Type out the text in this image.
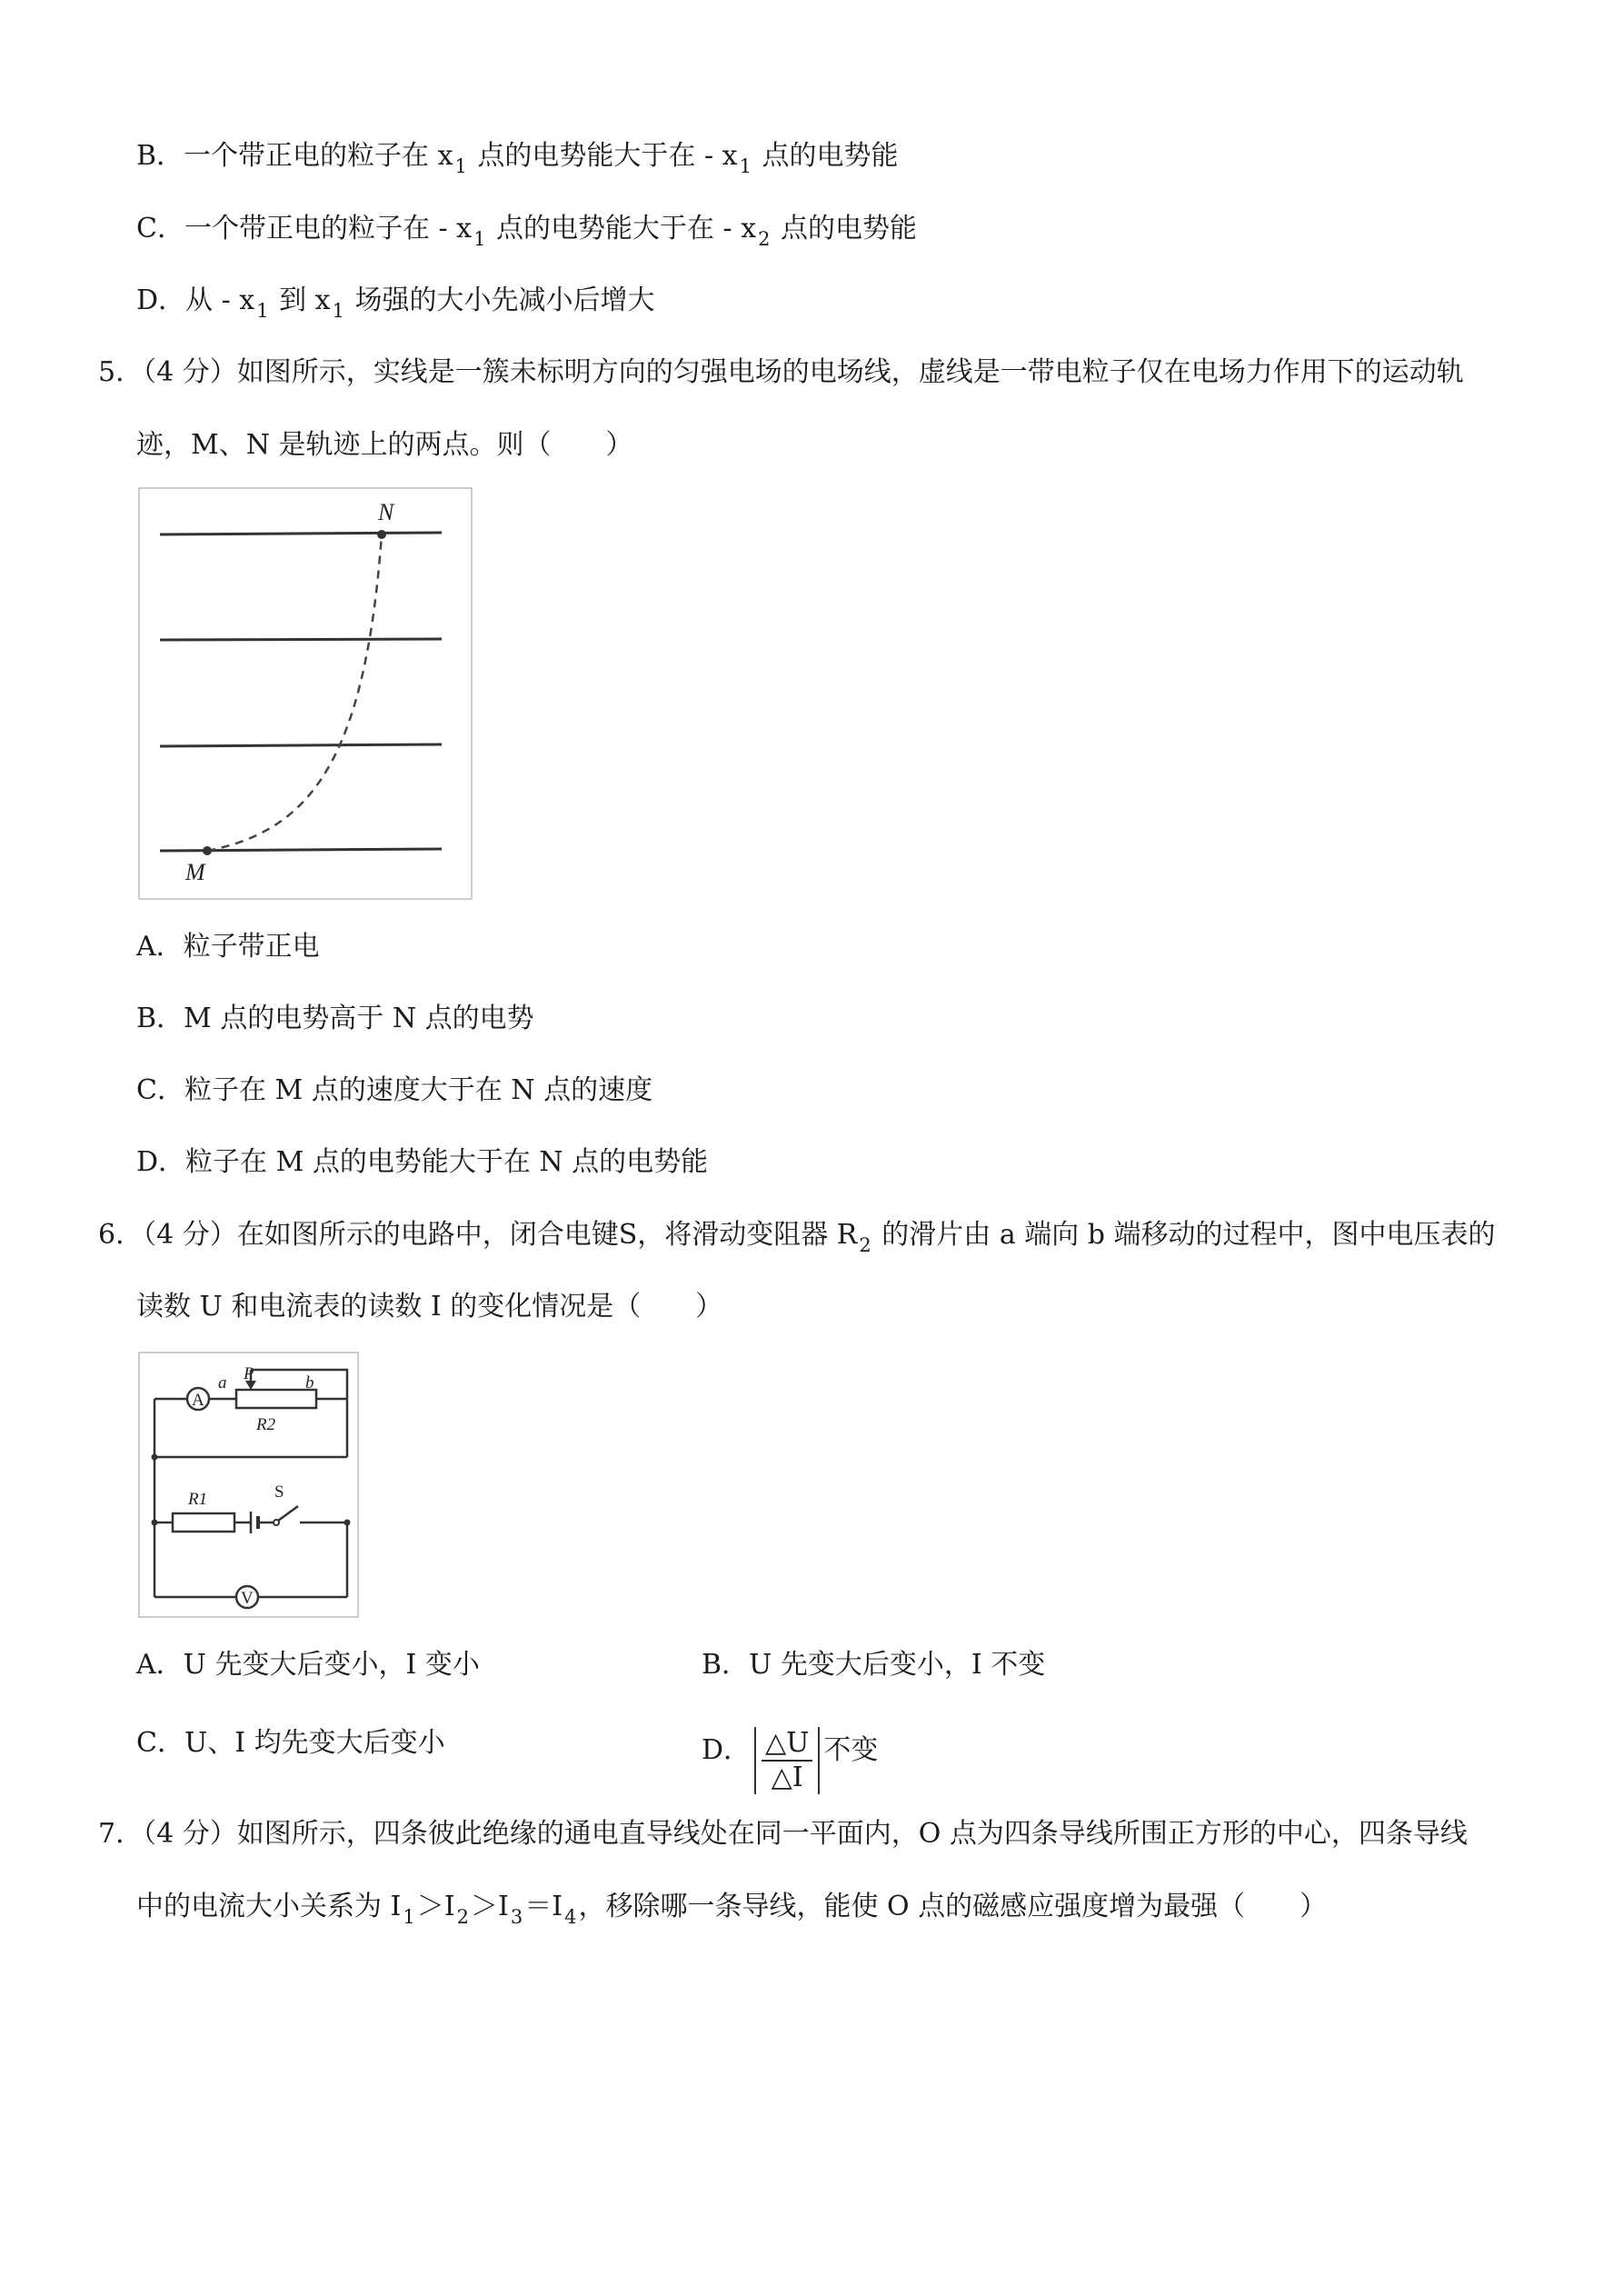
B．一个带正电的粒子在 $x_1$ 点的电势能大于在 - $x_1$ 点的电势能
C．一个带正电的粒子在 - $x_1$ 点的电势能大于在 - $x_2$ 点的电势能
D．从 - $x_1$ 到 $x_1$ 场强的大小先减小后增大
5．（4 分）如图所示，实线是一簇未标明方向的匀强电场的电场线，虚线是一带电粒子仅在电场力作用下的运动轨
迹，M、N 是轨迹上的两点。则（　　）
N
M
A．粒子带正电
B．M 点的电势高于 N 点的电势
C．粒子在 M 点的速度大于在 N 点的速度
D．粒子在 M 点的电势能大于在 N 点的电势能
6．（4 分）在如图所示的电路中，闭合电键S，将滑动变阻器 $R_2$ 的滑片由 a 端向 b 端移动的过程中，图中电压表的
读数 U 和电流表的读数 I 的变化情况是（　　）
A
a P	b
R2
R1	S
V
A．U 先变大后变小，I 变小	B．U 先变大后变小，I 不变
C．U、I 均先变大后变小	D． $\frac{\triangle U}{\triangle I}$ 不变
7．（4 分）如图所示，四条彼此绝缘的通电直导线处在同一平面内，O 点为四条导线所围正方形的中心，四条导线
中的电流大小关系为 $I_1>I_2>I_3=I_4$，移除哪一条导线，能使 O 点的磁感应强度增为最强（　　）
